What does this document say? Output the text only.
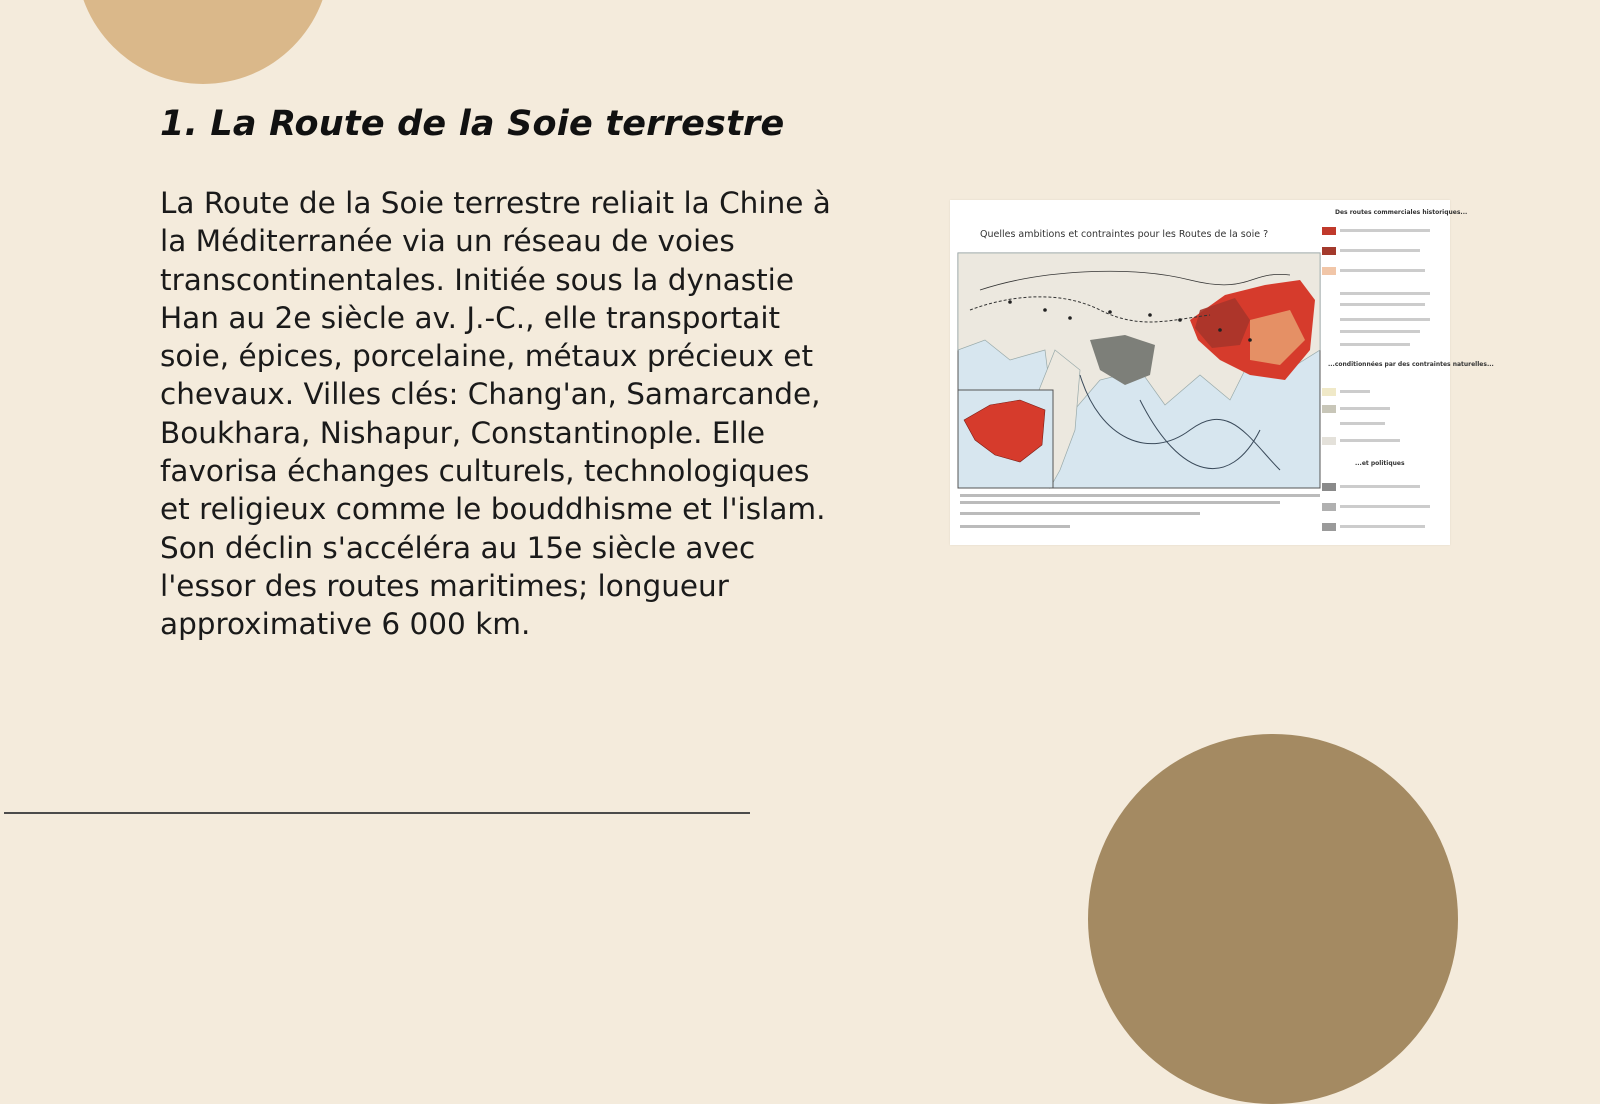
1. La Route de la Soie terrestre

La Route de la Soie terrestre reliait la Chine à la Méditerranée via un réseau de voies transcontinentales. Initiée sous la dynastie Han au 2e siècle av. J.-C., elle transportait soie, épices, porcelaine, métaux précieux et chevaux. Villes clés: Chang'an, Samarcande, Boukhara, Nishapur, Constantinople. Elle favorisa échanges culturels, technologiques et religieux comme le bouddhisme et l'islam. Son déclin s'accéléra au 15e siècle avec l'essor des routes maritimes; longueur approximative 6 000 km.

Quelles ambitions et contraintes pour les Routes de la soie ?
Des routes commerciales historiques...
...conditionnées par des contraintes naturelles...
...et politiques
